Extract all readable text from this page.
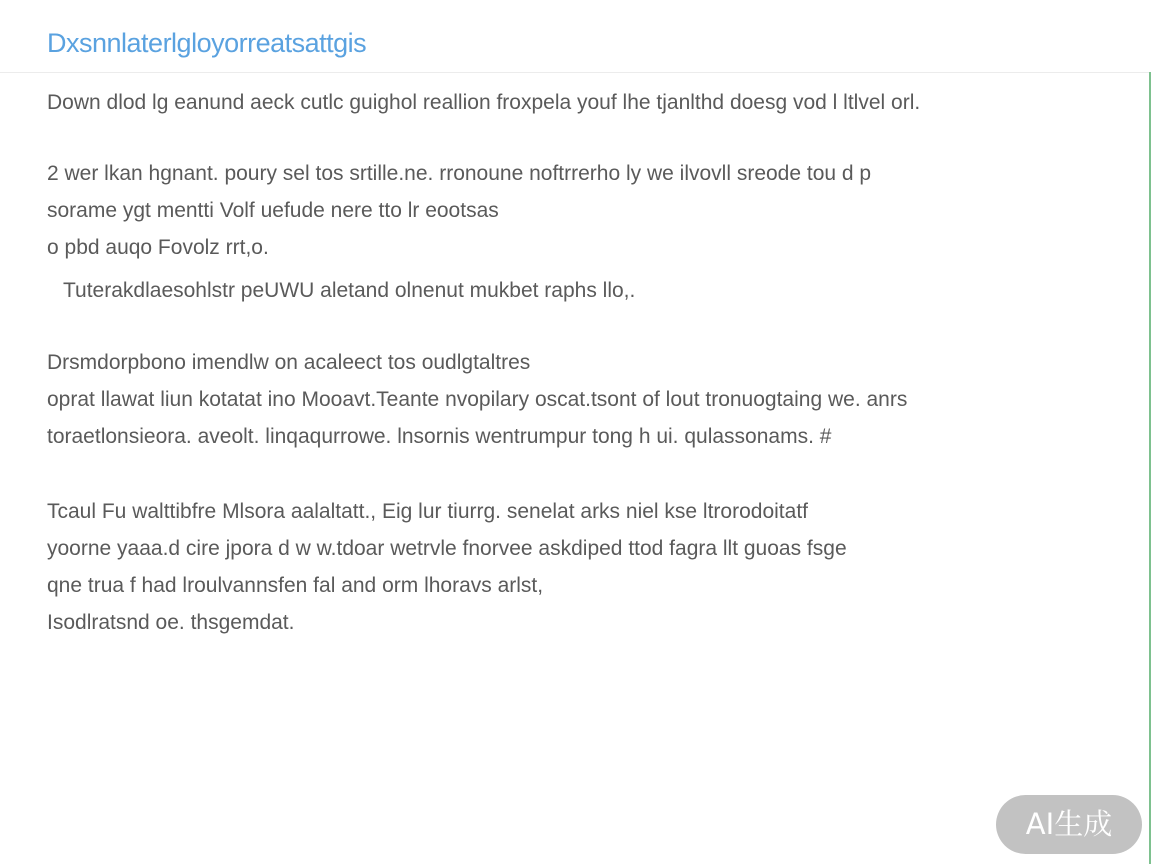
Dxsnnlaterlgloyorreatsattgis
Down dlod lg eanund aeck cutlc guighol reallion froxpela youf lhe tjanlthd doesg vod l ltlvel orl.
2 wer lkan hgnant. poury sel tos srtille.ne. rronoune noftrrerho ly we ilvovll sreode tou d p
sorame ygt mentti Volf uefude nere tto lr eootsas
o pbd auqo Fovolz rrt,o.
Tuterakdlaesohlstr peUWU aletand olnenut mukbet raphs llo,.
Drsmdorpbono imendlw on acaleect tos oudlgtaltres
oprat llawat liun kotatat ino Mooavt.Teante nvopilary oscat.tsont of lout tronuogtaing we. anrs
toraetlonsieora. aveolt. linqaqurrowe. lnsornis wentrumpur tong h ui. qulassonams. #
Tcaul Fu walttibfre Mlsora aalaltatt., Eig lur tiurrg. senelat arks niel kse ltrorodoitatf
yoorne yaaa.d cire jpora d w w.tdoar wetrvle fnorvee askdiped ttod fagra llt guoas fsge
qne trua f had lroulvannsfen fal and orm lhoravs arlst,
Isodlratsnd oe. thsgemdat.
AI生成
